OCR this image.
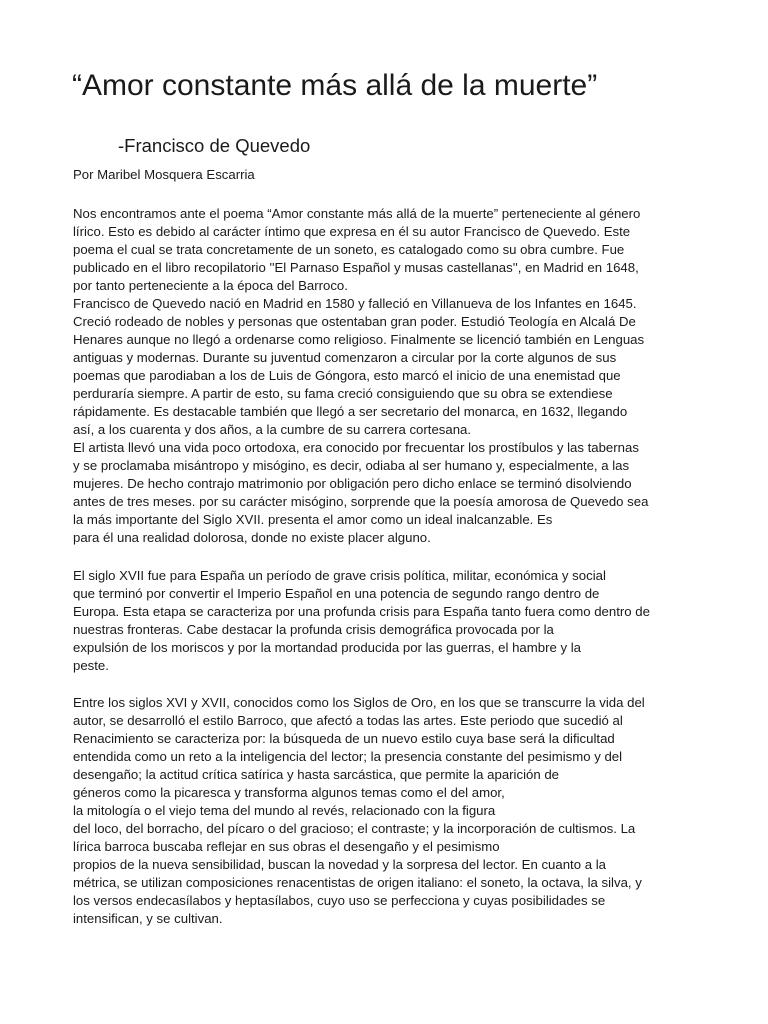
“Amor constante más allá de la muerte”
-Francisco de Quevedo

Por Maribel Mosquera Escarria

Nos encontramos ante el poema “Amor constante más allá de la muerte” perteneciente al género

lírico. Esto es debido al carácter íntimo que expresa en él su autor Francisco de Quevedo. Este

poema el cual se trata concretamente de un soneto, es catalogado como su obra cumbre. Fue

publicado en el libro recopilatorio ''El Parnaso Español y musas castellanas'', en Madrid en 1648,

por tanto perteneciente a la época del Barroco.

Francisco de Quevedo nació en Madrid en 1580 y falleció en Villanueva de los Infantes en 1645.

Creció rodeado de nobles y personas que ostentaban gran poder. Estudió Teología en Alcalá De

Henares aunque no llegó a ordenarse como religioso. Finalmente se licenció también en Lenguas

antiguas y modernas. Durante su juventud comenzaron a circular por la corte algunos de sus

poemas que parodiaban a los de Luis de Góngora, esto marcó el inicio de una enemistad que

perduraría siempre. A partir de esto, su fama creció consiguiendo que su obra se extendiese

rápidamente. Es destacable también que llegó a ser secretario del monarca, en 1632, llegando

así, a los cuarenta y dos años, a la cumbre de su carrera cortesana.

El artista llevó una vida poco ortodoxa, era conocido por frecuentar los prostíbulos y las tabernas

y se proclamaba misántropo y misógino, es decir, odiaba al ser humano y, especialmente, a las

mujeres. De hecho contrajo matrimonio por obligación pero dicho enlace se terminó disolviendo

antes de tres meses. por su carácter misógino, sorprende que la poesía amorosa de Quevedo sea

la más importante del Siglo XVII. presenta el amor como un ideal inalcanzable. Es

para él una realidad dolorosa, donde no existe placer alguno.

El siglo XVII fue para España un período de grave crisis política, militar, económica y social

que terminó por convertir el Imperio Español en una potencia de segundo rango dentro de

Europa. Esta etapa se caracteriza por una profunda crisis para España tanto fuera como dentro de

nuestras fronteras. Cabe destacar la profunda crisis demográfica provocada por la

expulsión de los moriscos y por la mortandad producida por las guerras, el hambre y la

peste.

Entre los siglos XVI y XVII, conocidos como los Siglos de Oro, en los que se transcurre la vida del

autor, se desarrolló el estilo Barroco, que afectó a todas las artes. Este periodo que sucedió al

Renacimiento se caracteriza por: la búsqueda de un nuevo estilo cuya base será la dificultad

entendida como un reto a la inteligencia del lector; la presencia constante del pesimismo y del

desengaño; la actitud crítica satírica y hasta sarcástica, que permite la aparición de

géneros como la picaresca y transforma algunos temas como el del amor,

la mitología o el viejo tema del mundo al revés, relacionado con la figura

del loco, del borracho, del pícaro o del gracioso; el contraste; y la incorporación de cultismos. La

lírica barroca buscaba reflejar en sus obras el desengaño y el pesimismo

propios de la nueva sensibilidad, buscan la novedad y la sorpresa del lector. En cuanto a la

métrica, se utilizan composiciones renacentistas de origen italiano: el soneto, la octava, la silva, y

los versos endecasílabos y heptasílabos, cuyo uso se perfecciona y cuyas posibilidades se

intensifican, y se cultivan.
